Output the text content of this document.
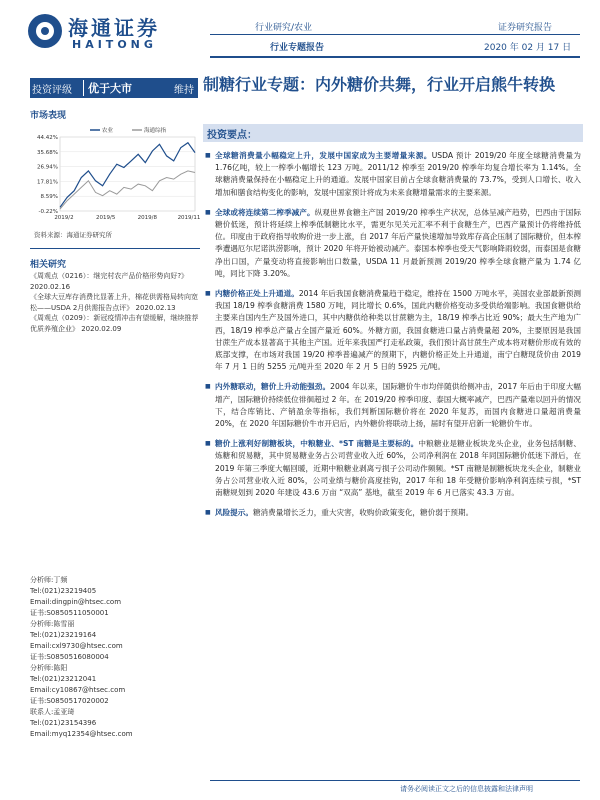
海通证券
HAITONG
行业研究/农业
行业专题报告
证券研究报告
2020 年 02 月 17 日
投资评级 优于大市	维持
市场表现
44.42%
35.68%
26.94%
17.81%
8.59%
-0.22%
2019/2	2019/5	2019/8	2019/11
农业	海通综指
资料来源：海通证券研究所
相关研究
《周观点（0216）：继完村农产品价格形势向好?》 2020.02.16
《全球大豆库存消费比显著上升，棉花供需格局转向宽松——USDA 2月供需报告点评》 2020.02.13
《周观点（0209）：新冠疫情冲击有望缓解，继续推荐优质养殖企业》 2020.02.09
分析师:丁频
Tel:(021)23219405
Email:dingpin@htsec.com
证书:S0850511050001
分析师:陈雪丽
Tel:(021)23219164
Email:cxl9730@htsec.com
证书:S0850516080004
分析师:陈阳
Tel:(021)23212041
Email:cy10867@htsec.com
证书:S0850517020002
联系人:孟亚琦
Tel:(021)23154396
Email:myq12354@htsec.com
制糖行业专题：内外糖价共舞，行业开启熊牛转换
投资要点：
■ 全球糖消费量小幅稳定上升，发展中国家成为主要增量来源。USDA 预计 2019/20 年度全球糖消费量为 1.76亿吨，较上一榨季小幅增长 123 万吨。2011/12 榨季至 2019/20 榨季年均复合增长率为 1.14%。全球糖消费量保持在小幅稳定上升的通道。发展中国家目前占全球食糖消费量的 73.7%，受到人口增长、收入增加和膳食结构变化的影响，发展中国家预计将成为未来食糖增量需求的主要来源。
■ 全球或将连续第二榨季减产。纵观世界食糖主产国 2019/20 榨季生产状况，总体呈减产趋势，巴西由于国际糖价低迷，预计将延续上榨季低制糖比水平，需更尔见关元汇率不利于食糖生产，巴西产量预计仍将维持低位。印度由于政府指导收购价进一步上涨，自 2017 年后产量快速增加导致库存高企压制了国际糖价，但本榨季遭遇厄尔尼诺洪涝影响，预计 2020 年将开始被动减产。泰国本榨季也受天气影响降雨较弱，而泰国是食糖净出口国，产量变动将直接影响出口数量，USDA 11 月最新预测 2019/20 榨季全球食糖产量为 1.74 亿吨，同比下降 3.20%。
■ 内糖价格正处上升通道。2014 年后我国食糖消费量趋于稳定，维持在 1500 万吨水平，美国农业部最新预测我国 18/19 榨季食糖消费 1580 万吨，同比增长 0.6%，国此内糖价格变动多受供给端影响。我国食糖供给主要来自国内生产及国外进口，其中内糖供给种类以甘蔗糖为主，18/19 榨季占比近 90%；最大生产地为广西，18/19 榨季总产量占全国产量近 60%。外糖方面，我国食糖进口量占消费量超 20%，主要原因是我国甘蔗生产成本显著高于其他主产国。近年来我国严打走私政策，我们预计高甘蔗生产成本将对糖价形成有效的底部支撑，在市场对我国 19/20 榨季普遍减产的预期下，内糖价格正处上升通道，南宁白糖现货价由 2019 年 7 月 1 日的 5255 元/吨升至 2020 年 2 月 5 日的 5925 元/吨。
■ 内外糖联动，糖价上升动能强劲。2004 年以来，国际糖价牛市均伴随供给侧冲击，2017 年后由于印度大幅增产，国际糖价持续低位徘徊超过 2 年。在 2019/20 榨季印度、泰国大概率减产，巴西产量难以回升的情况下，结合库销比、产销盈余等指标，我们判断国际糖价将在 2020 年复苏，而国内食糖进口量超消费量 20%，在 2020 年国际糖价牛市开启后，内外糖价将联动上扬，届时有望开启新一轮糖价牛市。
■ 糖价上涨利好制糖板块，中粮糖业、*ST 南糖是主要标的。中粮糖业是糖业板块龙头企业，业务包括制糖、炼糖和贸易糖，其中贸易糖业务占公司营业收入近 60%，公司净利润在 2018 年同国际糖价低迷下滑后，在 2019 年第三季度大幅回暖，近期中粮糖业剥离亏损子公司动作频频。*ST 南糖是制糖板块龙头企业，制糖业务占公司营业收入近 80%，公司业绩与糖价高度挂钩，2017 年和 18 年受糖价影响净利润连续亏损，*ST 南糖规划到 2020 年建设 43.6 万亩 “双高” 基地，截至 2019 年 6 月已落实 43.3 万亩。
■ 风险提示。糖消费量增长乏力，重大灾害，收购价政策变化，糖价弱于预期。
请务必阅读正文之后的信息披露和法律声明
